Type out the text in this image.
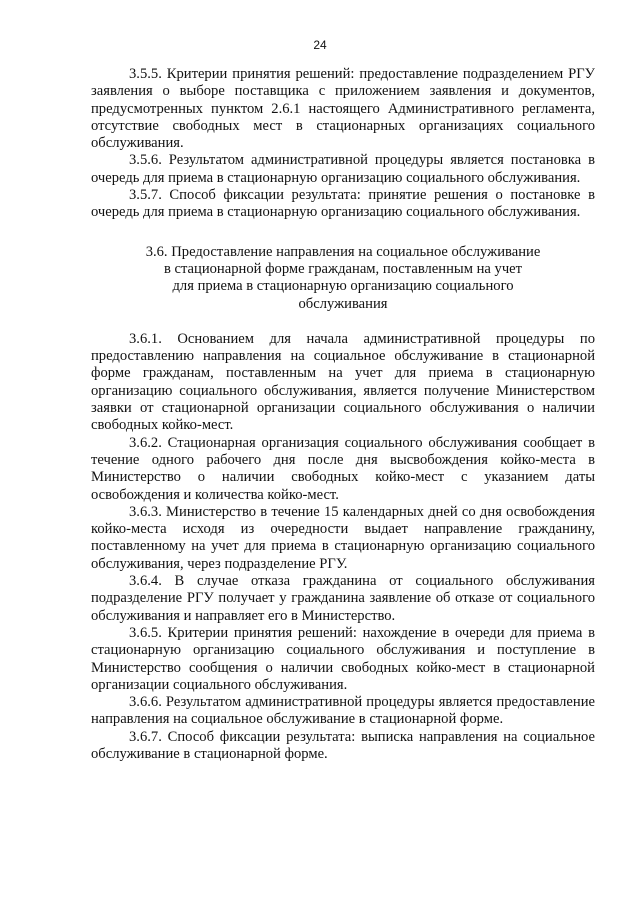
24

3.5.5. Критерии принятия решений: предоставление подразделением РГУ заявления о выборе поставщика с приложением заявления и документов, предусмотренных пунктом 2.6.1 настоящего Административного регламента, отсутствие свободных мест в стационарных организациях социального обслуживания.

3.5.6. Результатом административной процедуры является постановка в очередь для приема в стационарную организацию социального обслуживания.

3.5.7. Способ фиксации результата: принятие решения о постановке в очередь для приема в стационарную организацию социального обслуживания.

3.6. Предоставление направления на социальное обслуживание
в стационарной форме гражданам, поставленным на учет
для приема в стационарную организацию социального
обслуживания

3.6.1. Основанием для начала административной процедуры по предоставлению направления на социальное обслуживание в стационарной форме гражданам, поставленным на учет для приема в стационарную организацию социального обслуживания, является получение Министерством заявки от стационарной организации социального обслуживания о наличии свободных койко-мест.

3.6.2. Стационарная организация социального обслуживания сообщает в течение одного рабочего дня после дня высвобождения койко-места в Министерство о наличии свободных койко-мест с указанием даты освобождения и количества койко-мест.

3.6.3. Министерство в течение 15 календарных дней со дня освобождения койко-места исходя из очередности выдает направление гражданину, поставленному на учет для приема в стационарную организацию социального обслуживания, через подразделение РГУ.

3.6.4. В случае отказа гражданина от социального обслуживания подразделение РГУ получает у гражданина заявление об отказе от социального обслуживания и направляет его в Министерство.

3.6.5. Критерии принятия решений: нахождение в очереди для приема в стационарную организацию социального обслуживания и поступление в Министерство сообщения о наличии свободных койко-мест в стационарной организации социального обслуживания.

3.6.6. Результатом административной процедуры является предоставление направления на социальное обслуживание в стационарной форме.

3.6.7. Способ фиксации результата: выписка направления на социальное обслуживание в стационарной форме.
